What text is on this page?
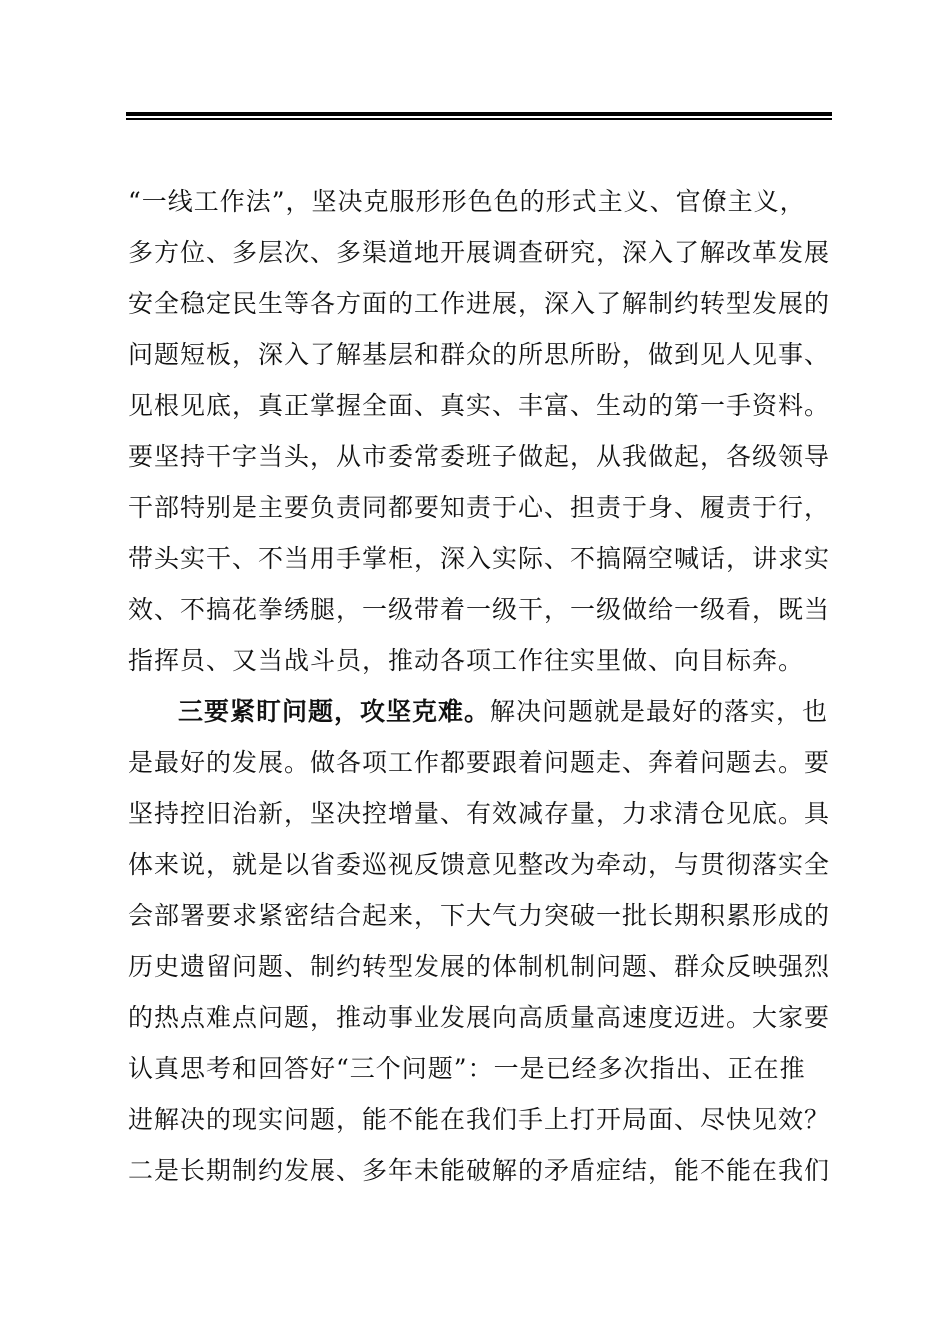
“一线工作法”，坚决克服形形色色的形式主义、官僚主义，
多方位、多层次、多渠道地开展调查研究，深入了解改革发展
安全稳定民生等各方面的工作进展，深入了解制约转型发展的
问题短板，深入了解基层和群众的所思所盼，做到见人见事、
见根见底，真正掌握全面、真实、丰富、生动的第一手资料。
要坚持干字当头，从市委常委班子做起，从我做起，各级领导
干部特别是主要负责同都要知责于心、担责于身、履责于行，
带头实干、不当用手掌柜，深入实际、不搞隔空喊话，讲求实
效、不搞花拳绣腿，一级带着一级干，一级做给一级看，既当
指挥员、又当战斗员，推动各项工作往实里做、向目标奔。
三要紧盯问题，攻坚克难。解决问题就是最好的落实，也
是最好的发展。做各项工作都要跟着问题走、奔着问题去。要
坚持控旧治新，坚决控增量、有效减存量，力求清仓见底。具
体来说，就是以省委巡视反馈意见整改为牵动，与贯彻落实全
会部署要求紧密结合起来，下大气力突破一批长期积累形成的
历史遗留问题、制约转型发展的体制机制问题、群众反映强烈
的热点难点问题，推动事业发展向高质量高速度迈进。大家要
认真思考和回答好“三个问题”：一是已经多次指出、正在推
进解决的现实问题，能不能在我们手上打开局面、尽快见效？
二是长期制约发展、多年未能破解的矛盾症结，能不能在我们
